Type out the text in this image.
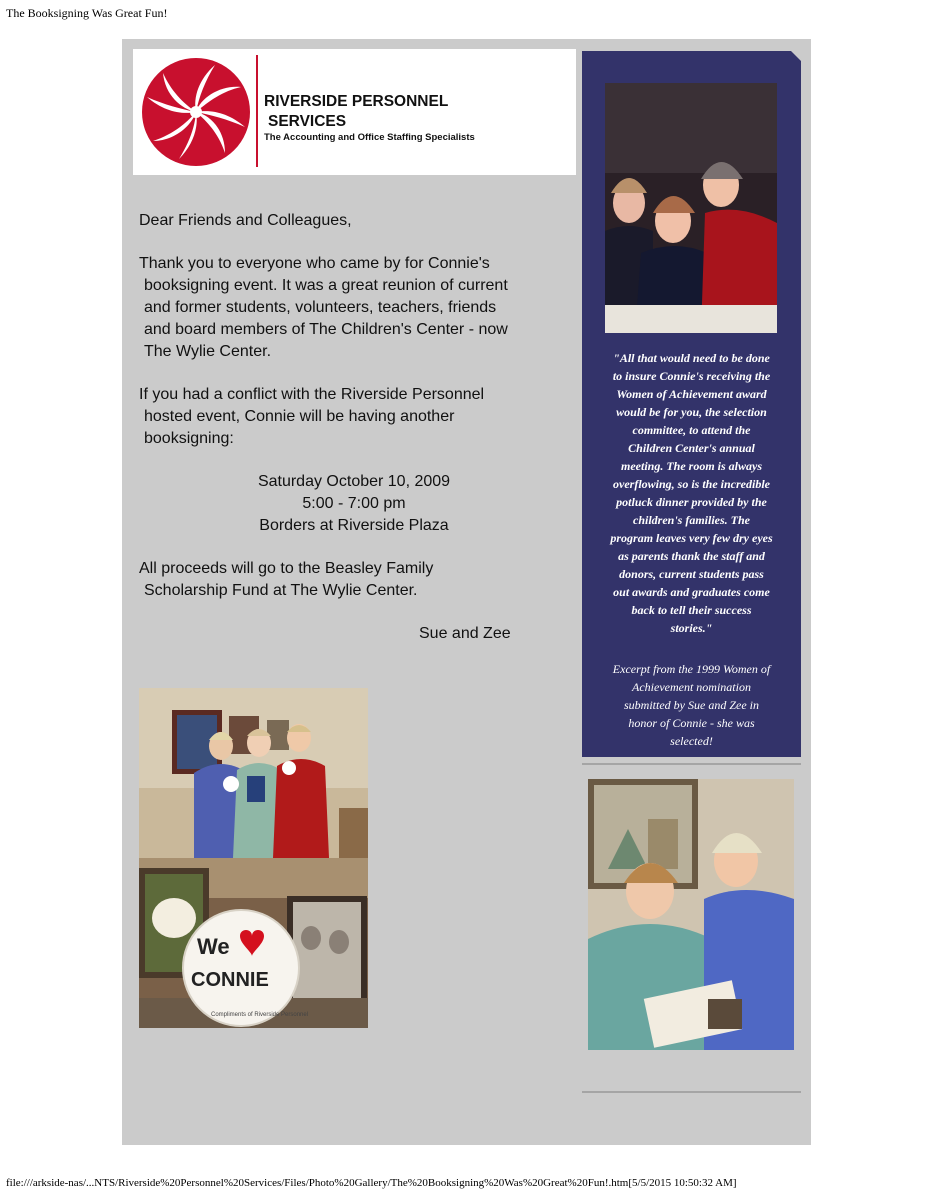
The Booksigning Was Great Fun!
RIVERSIDE PERSONNEL
SERVICES
The Accounting and Office Staffing Specialists

Dear Friends and Colleagues,

Thank you to everyone who came by for Connie's
booksigning event. It was a great reunion of current
and former students, volunteers, teachers, friends
and board members of The Children's Center - now
The Wylie Center.

If you had a conflict with the Riverside Personnel
hosted event, Connie will be having another
booksigning:

Saturday October 10, 2009
5:00 - 7:00 pm
Borders at Riverside Plaza

All proceeds will go to the Beasley Family
Scholarship Fund at The Wylie Center.

Sue and Zee

We
CONNIE
Compliments of Riverside Personnel
"All that would need to be done
to insure Connie's receiving the
Women of Achievement award
would be for you, the selection
committee, to attend the
Children Center's annual
meeting. The room is always
overflowing, so is the incredible
potluck dinner provided by the
children's families. The
program leaves very few dry eyes
as parents thank the staff and
donors, current students pass
out awards and graduates come
back to tell their success
stories."
Excerpt from the 1999 Women of
Achievement nomination
submitted by Sue and Zee in
honor of Connie - she was
selected!
file:///arkside-nas/...NTS/Riverside%20Personnel%20Services/Files/Photo%20Gallery/The%20Booksigning%20Was%20Great%20Fun!.htm[5/5/2015 10:50:32 AM]
